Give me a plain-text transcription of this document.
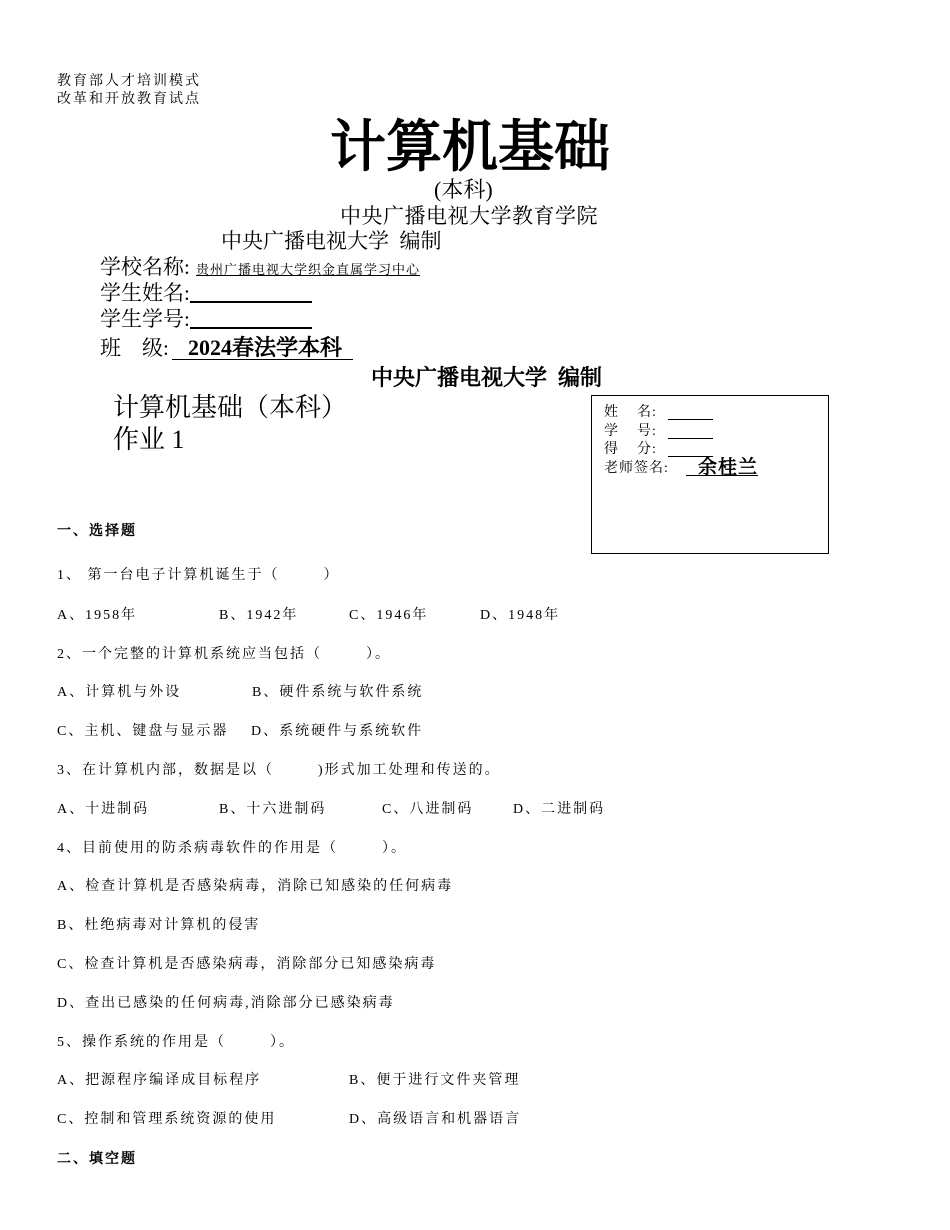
教育部人才培训模式
改革和开放教育试点
计算机基础
(本科)
中央广播电视大学教育学院
中央广播电视大学  编制
学校名称: 贵州广播电视大学织金直属学习中心
学生姓名:
学生学号:
班    级: 2024春法学本科
中央广播电视大学  编制
计算机基础（本科）
作业 1
姓    名:
学    号:
得    分:
老师签名: 余桂兰
一、选择题
1、 第一台电子计算机诞生于（        ）
A、1958年	B、1942年	C、1946年	D、1948年
2、一个完整的计算机系统应当包括（        ）。
A、计算机与外设	B、硬件系统与软件系统
C、主机、键盘与显示器 D、系统硬件与系统软件
3、在计算机内部，数据是以（        )形式加工处理和传送的。
A、十进制码	B、十六进制码	C、八进制码	D、二进制码
4、目前使用的防杀病毒软件的作用是（        ）。
A、检查计算机是否感染病毒，消除已知感染的任何病毒
B、杜绝病毒对计算机的侵害
C、检查计算机是否感染病毒，消除部分已知感染病毒
D、查出已感染的任何病毒,消除部分已感染病毒
5、操作系统的作用是（        ）。
A、把源程序编译成目标程序	B、便于进行文件夹管理
C、控制和管理系统资源的使用	D、高级语言和机器语言
二、填空题
